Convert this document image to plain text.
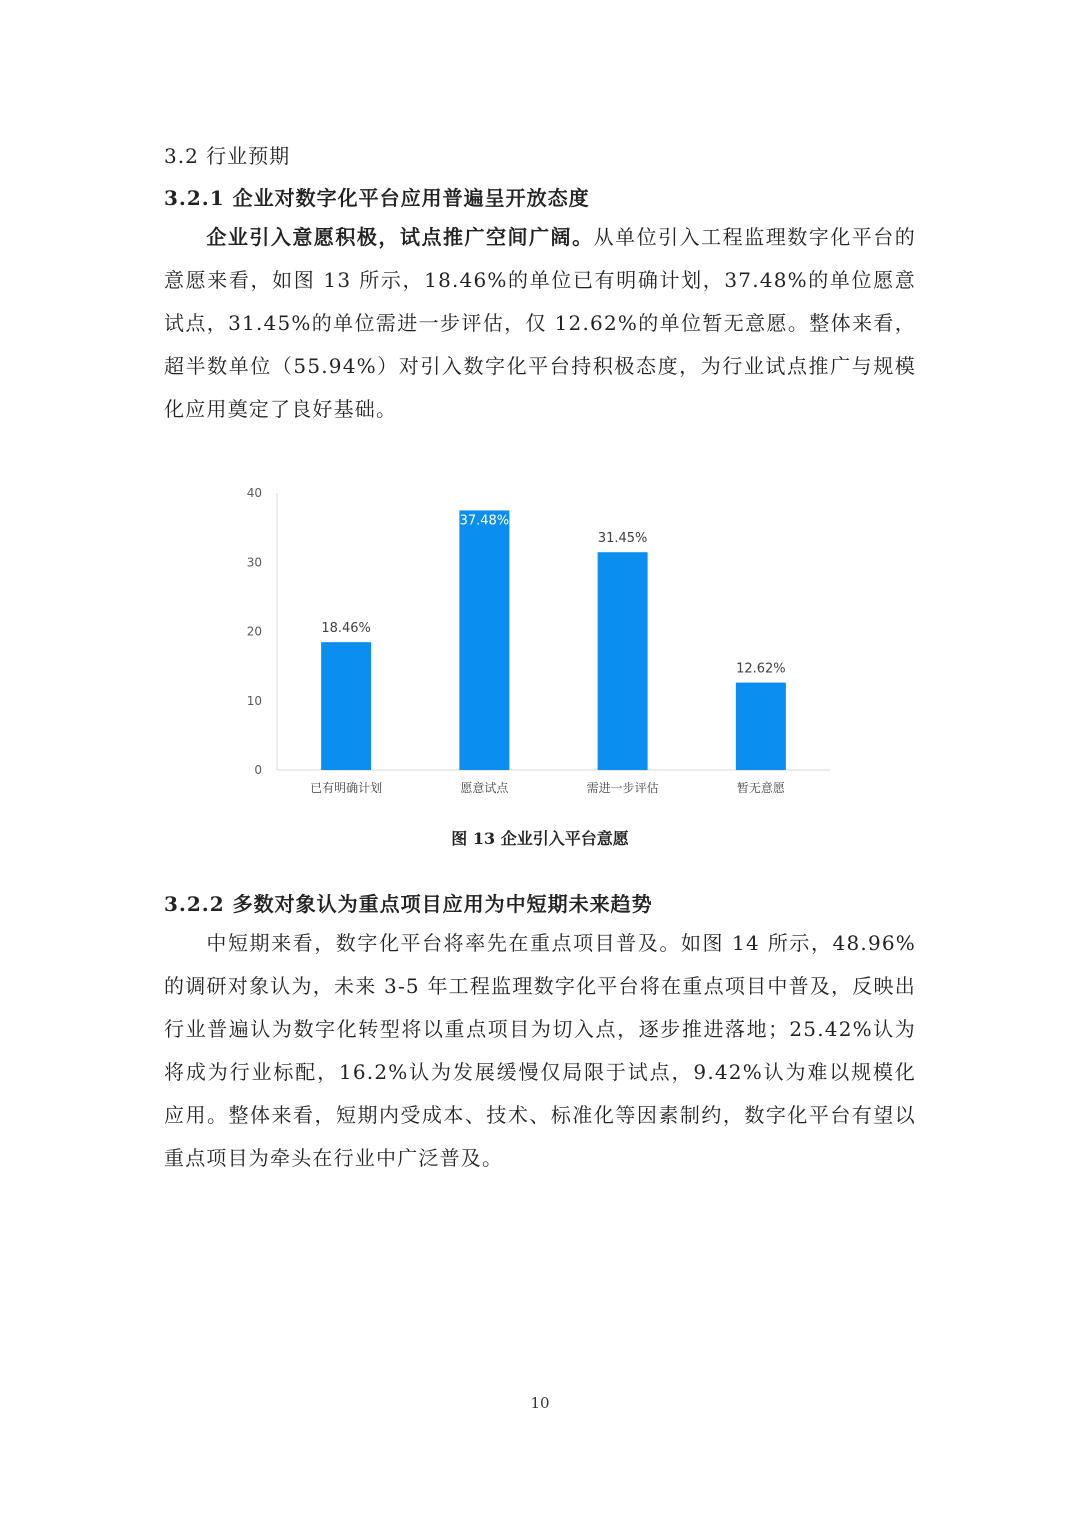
3.2 行业预期
3.2.1 企业对数字化平台应用普遍呈开放态度
企业引入意愿积极，试点推广空间广阔。从单位引入工程监理数字化平台的意愿来看，如图 13 所示，18.46%的单位已有明确计划，37.48%的单位愿意试点，31.45%的单位需进一步评估，仅 12.62%的单位暂无意愿。整体来看，超半数单位（55.94%）对引入数字化平台持积极态度，为行业试点推广与规模化应用奠定了良好基础。
0
10
20
30
40
18.46%
已有明确计划
37.48%
愿意试点
31.45%
需进一步评估
12.62%
暂无意愿
图 13 企业引入平台意愿
3.2.2 多数对象认为重点项目应用为中短期未来趋势
中短期来看，数字化平台将率先在重点项目普及。如图 14 所示，48.96%的调研对象认为，未来 3-5 年工程监理数字化平台将在重点项目中普及，反映出行业普遍认为数字化转型将以重点项目为切入点，逐步推进落地；25.42%认为将成为行业标配，16.2%认为发展缓慢仅局限于试点，9.42%认为难以规模化应用。整体来看，短期内受成本、技术、标准化等因素制约，数字化平台有望以重点项目为牵头在行业中广泛普及。
10
